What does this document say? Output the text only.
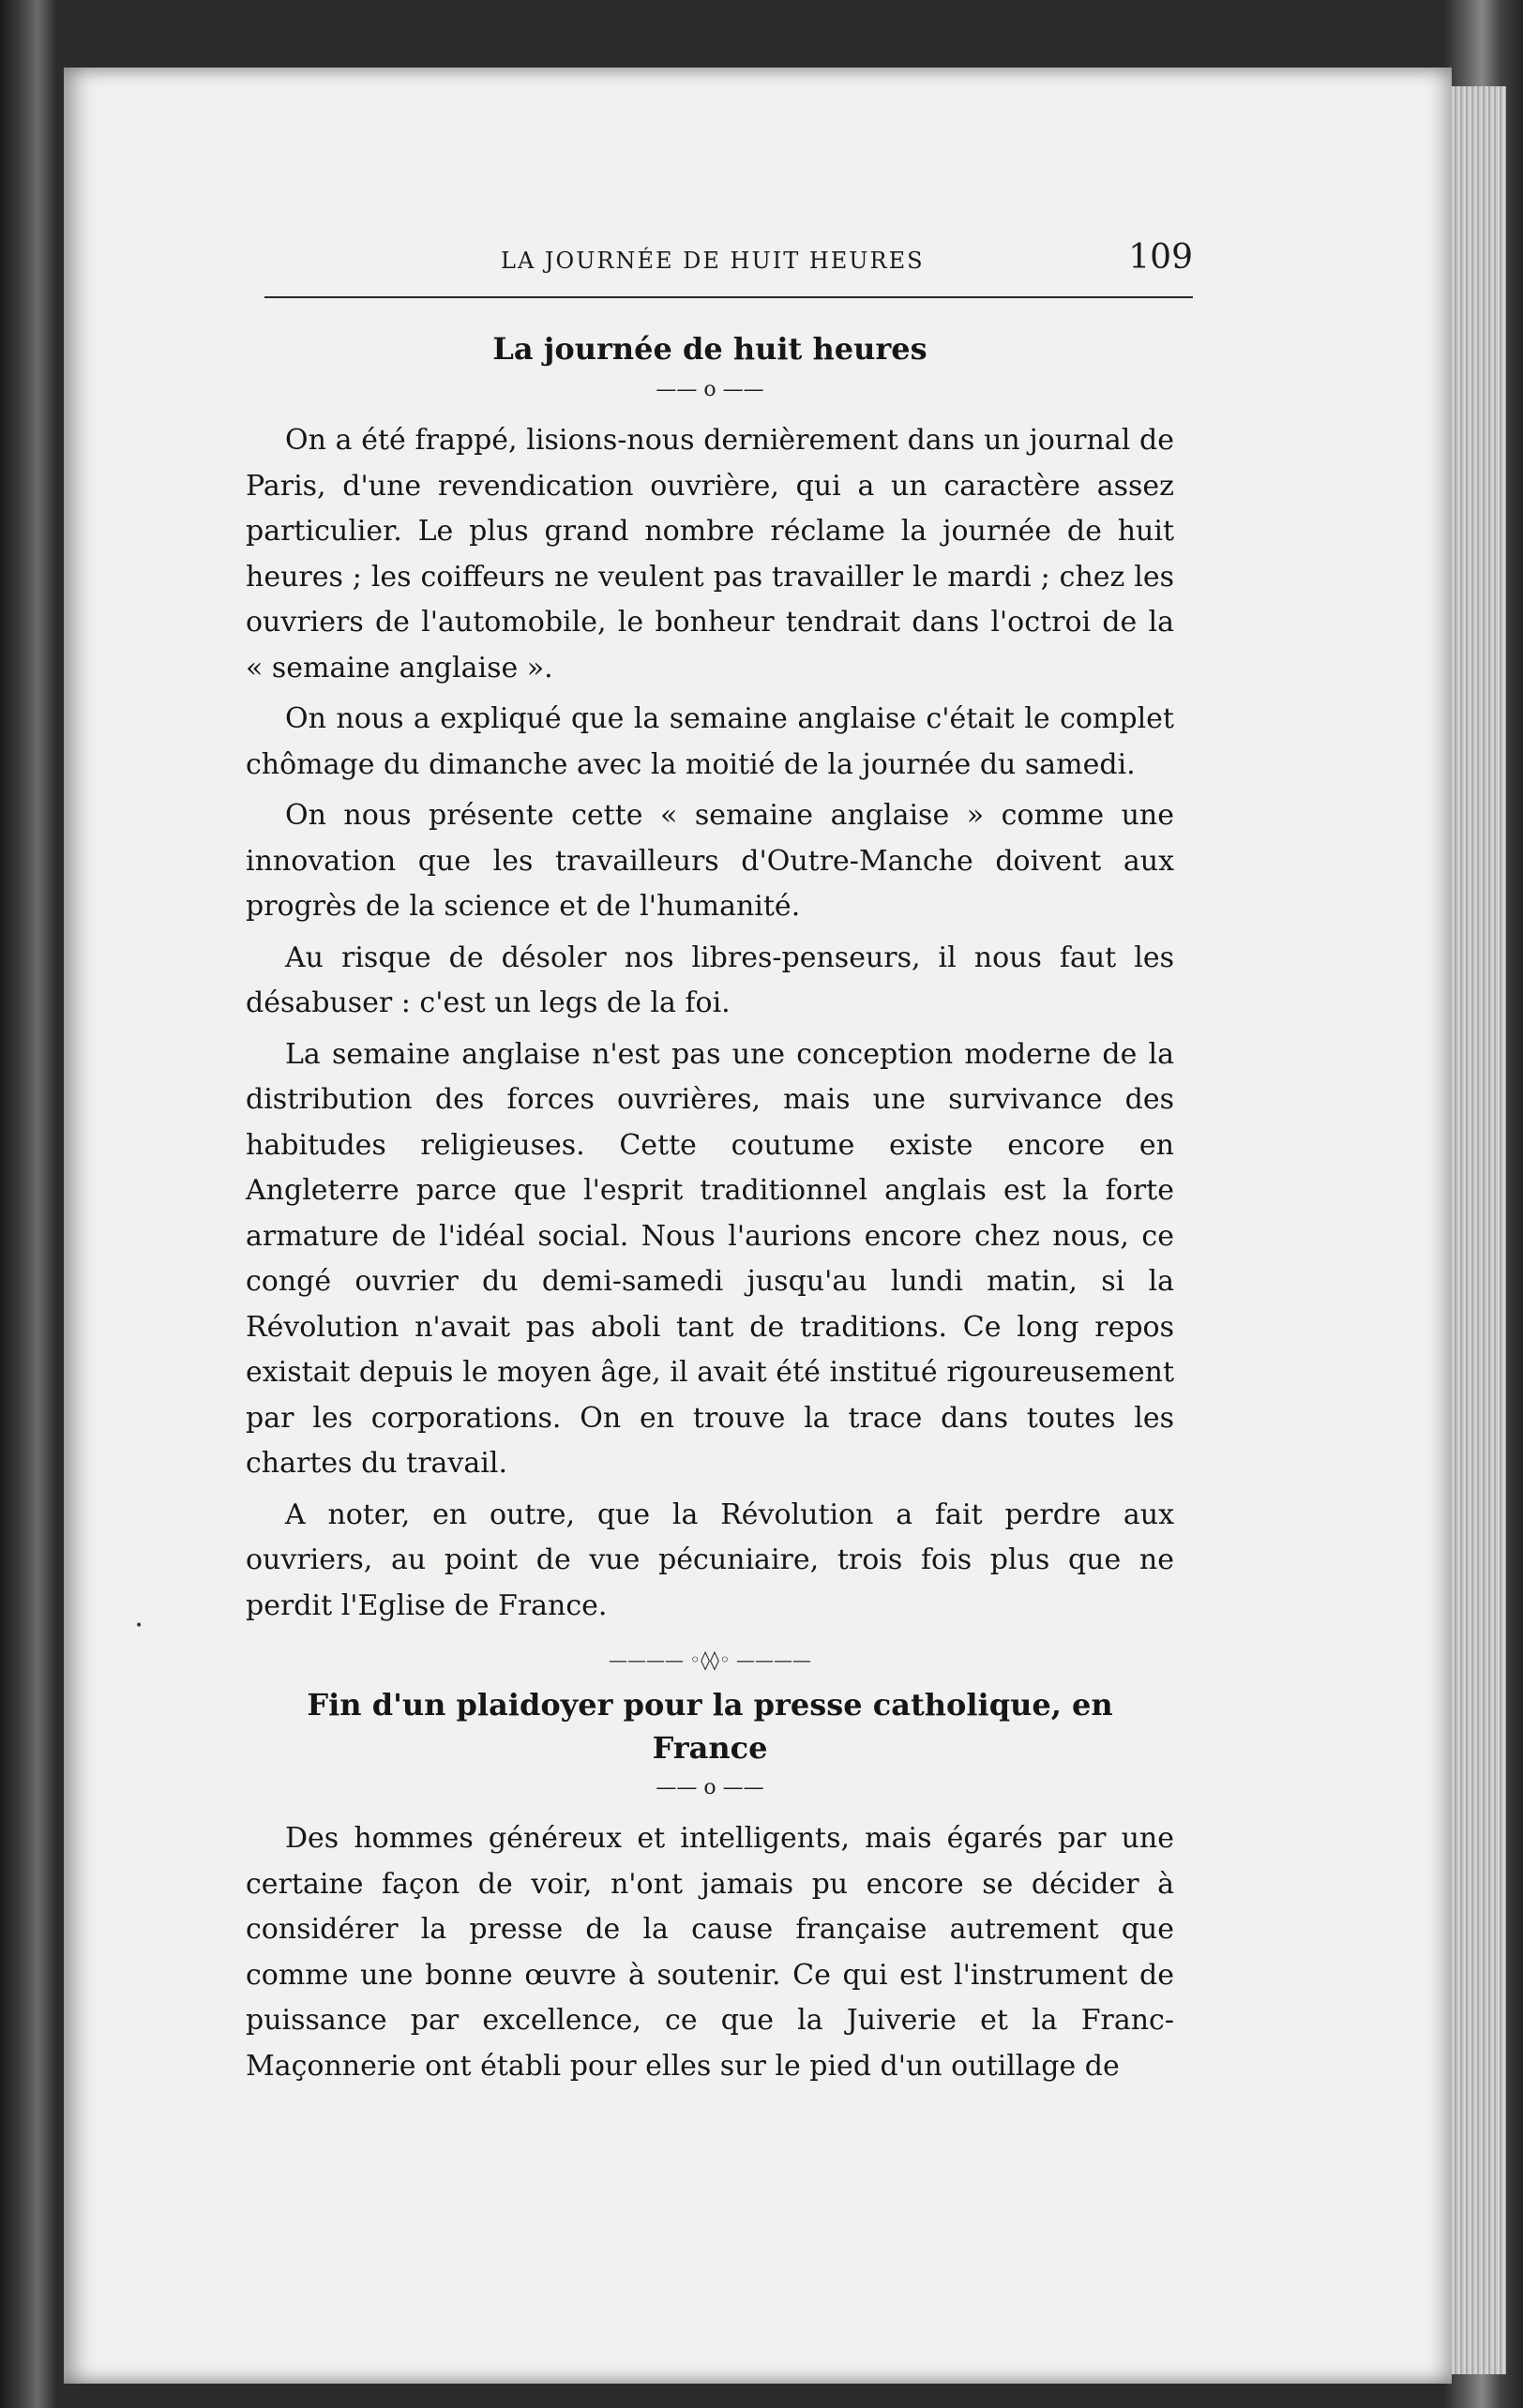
LA JOURNÉE DE HUIT HEURES	109
•
La journée de huit heures
—— o ——

On a été frappé, lisions-nous dernièrement dans un journal de Paris, d'une revendication ouvrière, qui a un caractère assez particulier. Le plus grand nombre réclame la journée de huit heures ; les coiffeurs ne veulent pas travailler le mardi ; chez les ouvriers de l'automobile, le bonheur tendrait dans l'octroi de la « semaine anglaise ».

On nous a expliqué que la semaine anglaise c'était le complet chômage du dimanche avec la moitié de la journée du samedi.

On nous présente cette « semaine anglaise » comme une innovation que les travailleurs d'Outre-Manche doivent aux progrès de la science et de l'humanité.

Au risque de désoler nos libres-penseurs, il nous faut les désabuser : c'est un legs de la foi.

La semaine anglaise n'est pas une conception moderne de la distribution des forces ouvrières, mais une survivance des habitudes religieuses. Cette coutume existe encore en Angleterre parce que l'esprit traditionnel anglais est la forte armature de l'idéal social. Nous l'aurions encore chez nous, ce congé ouvrier du demi-samedi jusqu'au lundi matin, si la Révolution n'avait pas aboli tant de traditions. Ce long repos existait depuis le moyen âge, il avait été institué rigoureusement par les corporations. On en trouve la trace dans toutes les chartes du travail.

A noter, en outre, que la Révolution a fait perdre aux ouvriers, au point de vue pécuniaire, trois fois plus que ne perdit l'Eglise de France.

———— ◦◊◊◦ ————
Fin d'un plaidoyer pour la presse catholique, en France
—— o ——

Des hommes généreux et intelligents, mais égarés par une certaine façon de voir, n'ont jamais pu encore se décider à considérer la presse de la cause française autrement que comme une bonne œuvre à soutenir. Ce qui est l'instrument de puissance par excellence, ce que la Juiverie et la Franc-Maçonnerie ont établi pour elles sur le pied d'un outillage de
